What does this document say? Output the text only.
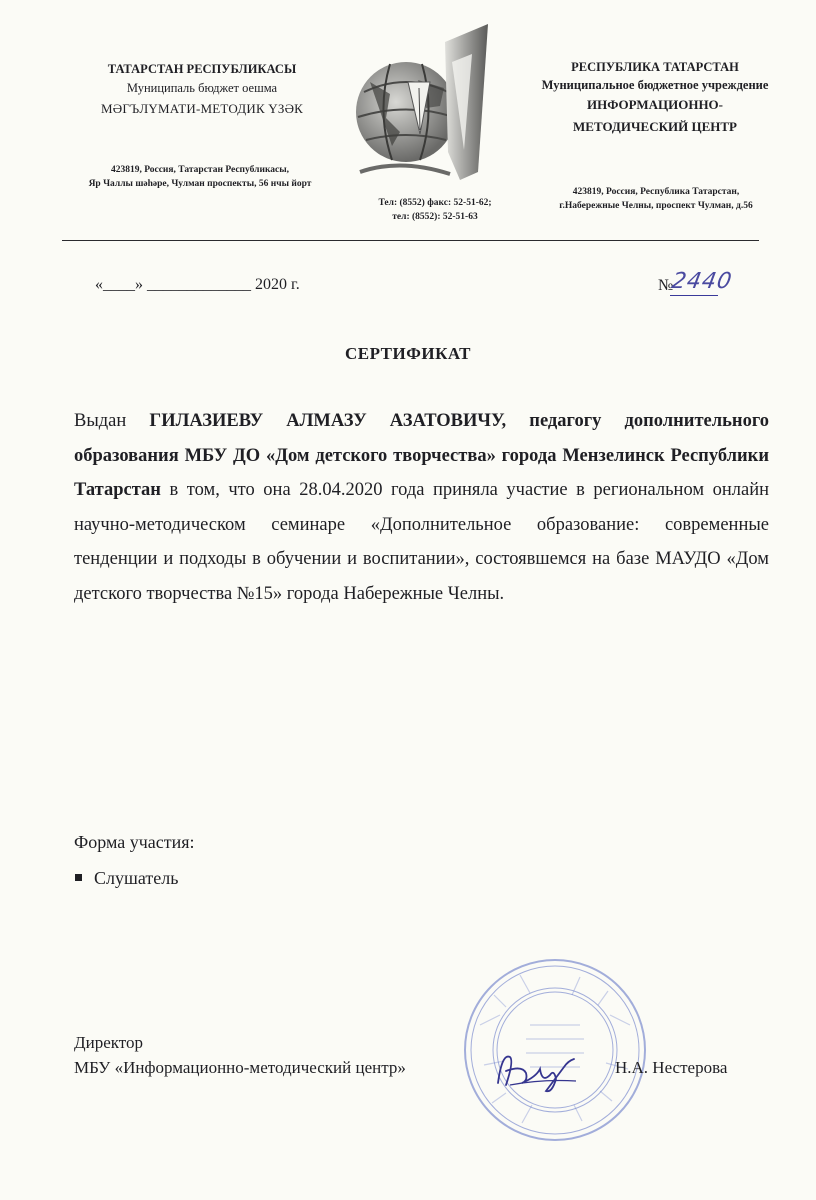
ТАТАРСТАН РЕСПУБЛИКАСЫ
Муниципаль бюджет оешма
МӘГЪЛҮМАТИ-МЕТОДИК ҮЗӘК
423819, Россия, Татарстан Республикасы,
Яр Чаллы шәһәре, Чулман проспекты, 56 нчы йорт
РЕСПУБЛИКА ТАТАРСТАН
Муниципальное бюджетное учреждение
ИНФОРМАЦИОННО-
МЕТОДИЧЕСКИЙ ЦЕНТР
423819, Россия, Республика Татарстан,
г.Набережные Челны, проспект Чулман, д.56
Тел: (8552) факс: 52-51-62;
тел: (8552): 52-51-63
«____» _____________ 2020 г.	№
2440
СЕРТИФИКАТ
Выдан ГИЛАЗИЕВУ АЛМАЗУ АЗАТОВИЧУ, педагогу дополнительного образования МБУ ДО «Дом детского творчества» города Мензелинск Республики Татарстан в том, что она 28.04.2020 года приняла участие в региональном онлайн научно-методическом семинаре «Дополнительное образование: современные тенденции и подходы в обучении и воспитании», состоявшемся на базе МАУДО «Дом детского творчества №15» города Набережные Челны.
Форма участия:
Слушатель
Директор
МБУ «Информационно-методический центр»	Н.А. Нестерова
